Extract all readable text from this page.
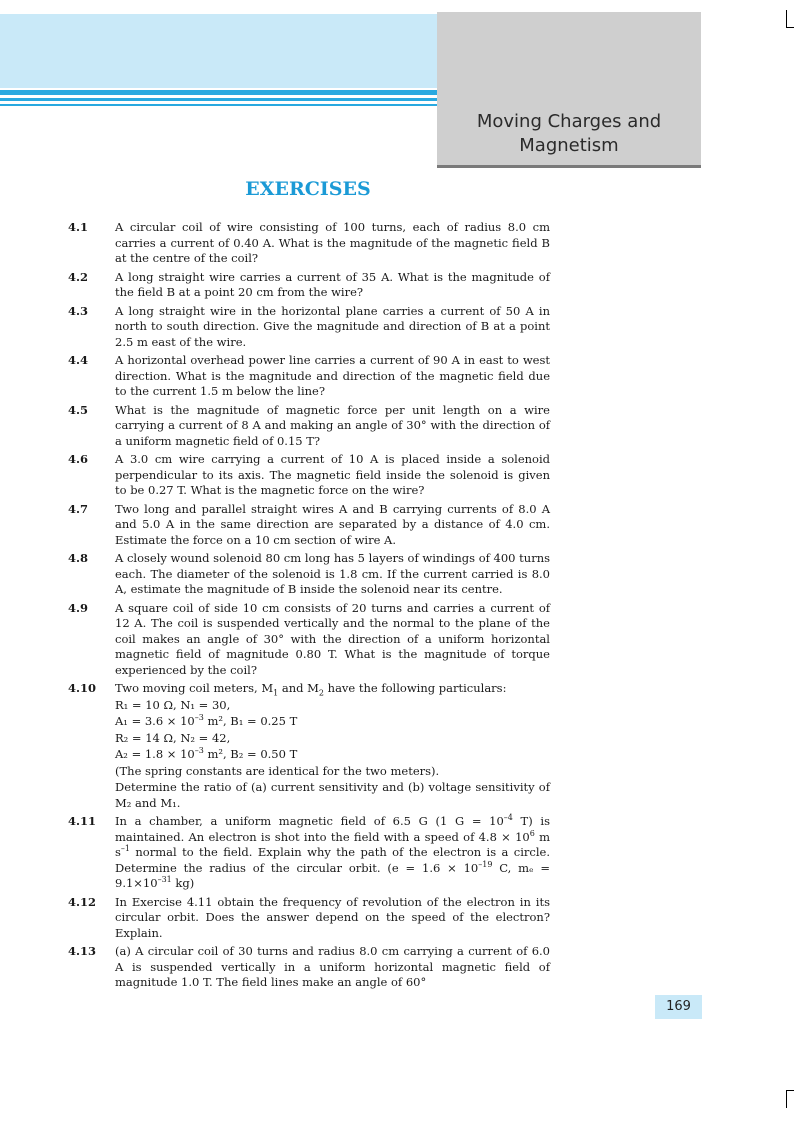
Moving Charges and
Magnetism
EXERCISES
4.1	A circular coil of wire consisting of 100 turns, each of radius 8.0 cm carries a current of 0.40 A. What is the magnitude of the magnetic field B at the centre of the coil?
4.2	A long straight wire carries a current of 35 A. What is the magnitude of the field B at a point 20 cm from the wire?
4.3	A long straight wire in the horizontal plane carries a current of 50 A in north to south direction. Give the magnitude and direction of B at a point 2.5 m east of the wire.
4.4	A horizontal overhead power line carries a current of 90 A in east to west direction. What is the magnitude and direction of the magnetic field due to the current 1.5 m below the line?
4.5	What is the magnitude of magnetic force per unit length on a wire carrying a current of 8 A and making an angle of 30° with the direction of a uniform magnetic field of 0.15 T?
4.6	A 3.0 cm wire carrying a current of 10 A is placed inside a solenoid perpendicular to its axis. The magnetic field inside the solenoid is given to be 0.27 T. What is the magnetic force on the wire?
4.7	Two long and parallel straight wires A and B carrying currents of 8.0 A and 5.0 A in the same direction are separated by a distance of 4.0 cm. Estimate the force on a 10 cm section of wire A.
4.8	A closely wound solenoid 80 cm long has 5 layers of windings of 400 turns each. The diameter of the solenoid is 1.8 cm. If the current carried is 8.0 A, estimate the magnitude of B inside the solenoid near its centre.
4.9	A square coil of side 10 cm consists of 20 turns and carries a current of 12 A. The coil is suspended vertically and the normal to the plane of the coil makes an angle of 30° with the direction of a uniform horizontal magnetic field of magnitude 0.80 T. What is the magnitude of torque experienced by the coil?
4.10	Two moving coil meters, $M_1$ and $M_2$ have the following particulars:
R₁ = 10 Ω, N₁ = 30,
$A_1 = 3.6 \times 10^{-3}$ m², B₁ = 0.25 T
R₂ = 14 Ω, N₂ = 42,
$A_2 = 1.8 \times 10^{-3}$ m², B₂ = 0.50 T
(The spring constants are identical for the two meters).
Determine the ratio of (a) current sensitivity and (b) voltage sensitivity of M₂ and M₁.
4.11	In a chamber, a uniform magnetic field of 6.5 G (1 $G = 10^{-4}$ T) is maintained. An electron is shot into the field with a speed of $4.8 \times 10^6$ m $s^{-1}$ normal to the field. Explain why the path of the electron is a circle. Determine the radius of the circular orbit. ($e = 1.6 \times 10^{-19}$ C, $m_e = 9.1\times 10^{-31}$ kg)
4.12	In Exercise 4.11 obtain the frequency of revolution of the electron in its circular orbit. Does the answer depend on the speed of the electron? Explain.
4.13	(a) A circular coil of 30 turns and radius 8.0 cm carrying a current of 6.0 A is suspended vertically in a uniform horizontal magnetic field of magnitude 1.0 T. The field lines make an angle of 60°
169
